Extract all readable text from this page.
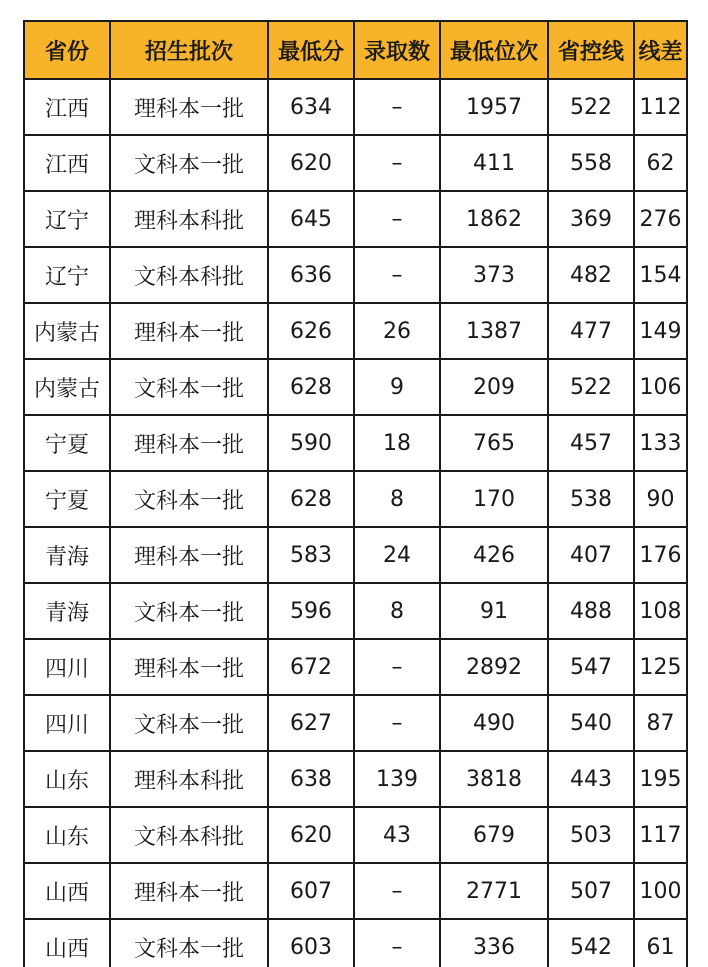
省份	招生批次	最低分	录取数	最低位次	省控线	线差
江西	理科本一批	634	–	1957	522	112
江西	文科本一批	620	–	411	558	62
辽宁	理科本科批	645	–	1862	369	276
辽宁	文科本科批	636	–	373	482	154
内蒙古	理科本一批	626	26	1387	477	149
内蒙古	文科本一批	628	9	209	522	106
宁夏	理科本一批	590	18	765	457	133
宁夏	文科本一批	628	8	170	538	90
青海	理科本一批	583	24	426	407	176
青海	文科本一批	596	8	91	488	108
四川	理科本一批	672	–	2892	547	125
四川	文科本一批	627	–	490	540	87
山东	理科本科批	638	139	3818	443	195
山东	文科本科批	620	43	679	503	117
山西	理科本一批	607	–	2771	507	100
山西	文科本一批	603	–	336	542	61
